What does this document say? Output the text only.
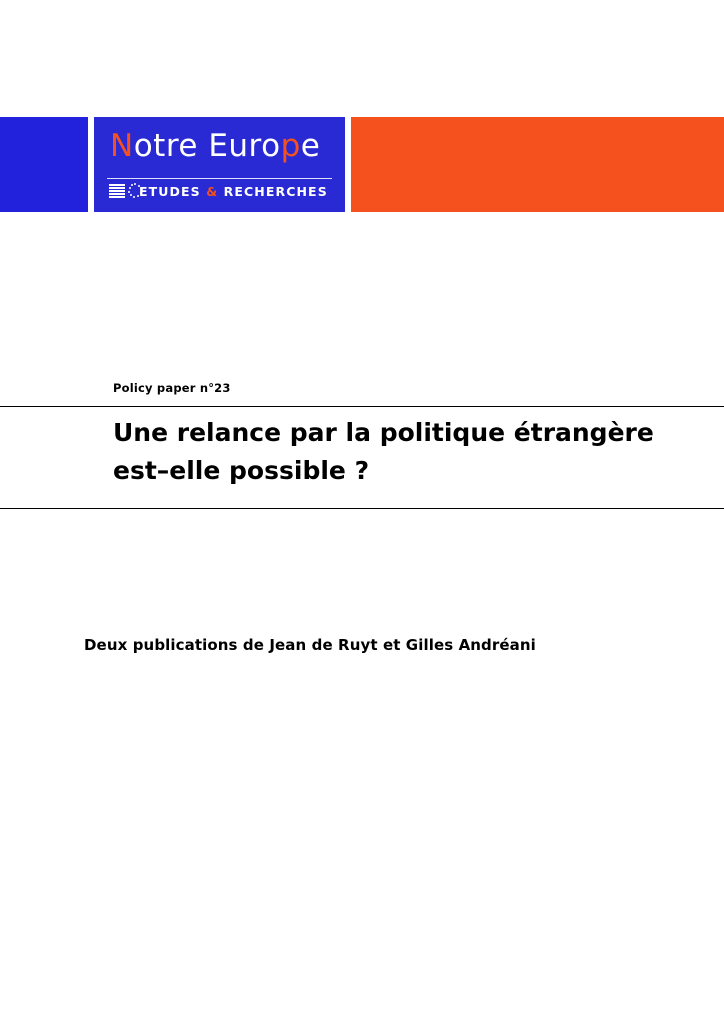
Notre Europe
ETUDES & RECHERCHES
Policy paper n°23
Une relance par la politique étrangère
est–elle possible ?
Deux publications de Jean de Ruyt et Gilles Andréani
